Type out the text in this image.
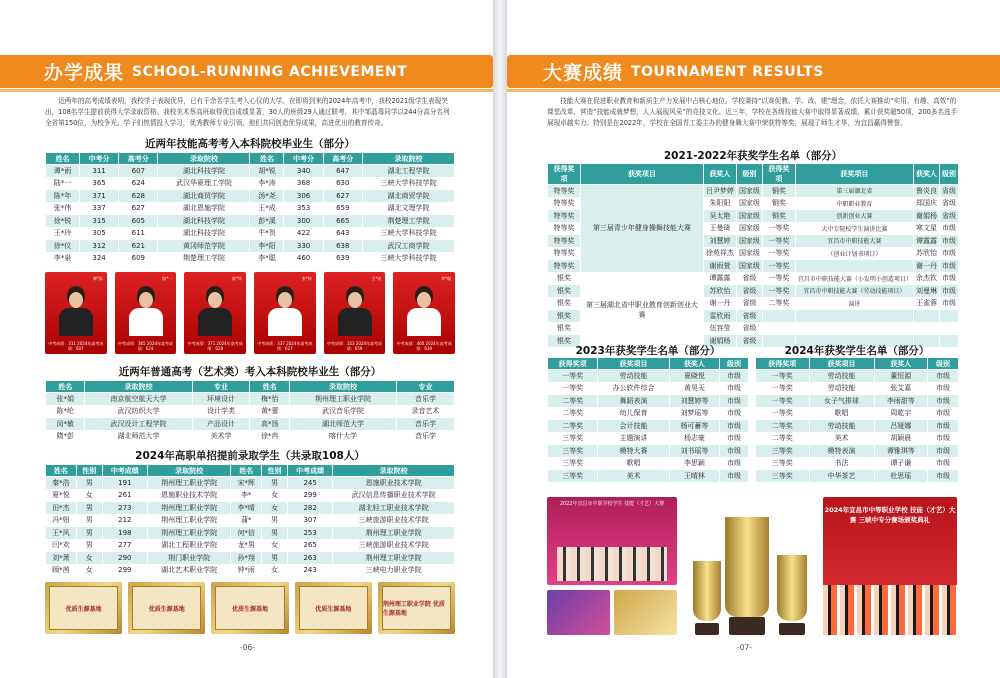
办学成果 SCHOOL-RUNNING ACHIEVEMENT
近两年的高考成绩表明，我校学子表现优异，已有千余名学生考入心仪的大学。在即将到来的2024年高考中，我校2021级学生表现突出，108名学生提前获得大学录取资格。我校美术蔡高班取得优良成绩显著，30人的班级29人通过联考，其中邹晶毒同学以244分高分名列全省第150位，为校争光。学子们热情投入学习，优秀教师专业引领，他们共同创造优异成果，高进优出的教育传奇。
近两年技能高考考入本科院校毕业生（部分）
姓名	中考分	高考分	录取院校	姓名	中考分	高考分	录取院校
谭*雨	311	607	湖北科技学院	胡*锐	340	647	湖北工程学院
陆*一	365	624	武汉华夏理工学院	李*涛	368	630	三峡大学科技学院
陈*年	371	628	湖北商贸学院	汤*尧	306	627	湖北商贸学院
张*伟	337	627	湖北恩施学院	王*成	353	659	湖北文理学院
徐*锐	315	605	湖北科技学院	彭*溪	300	665	荆楚理工学院
王*玲	305	611	湖北科技学院	牛*贺	422	643	三峡大学科技学院
徐*仪	312	621	黄冈师范学院	李*阳	330	638	武汉工商学院
李*泉	324	609	荆楚理工学院	李*聪	460	639	三峡大学科技学院
谭*雨
中考成绩：311 2024年高考成绩：607
陆*一
中考成绩：365 2024年高考成绩：624
陈*年
中考成绩：371 2024年高考成绩：628
张*伟
中考成绩：337 2024年高考成绩：627
王*成
中考成绩：353 2024年高考成绩：659
李*聪
中考成绩：460 2024年高考成绩：639
近两年普通高考（艺术类）考入本科院校毕业生（部分）
姓名	录取院校	专业	姓名	录取院校	专业
张*娟	南京航空航天大学	环境设计	梅*怡	荆州理工职业学院	音乐学
陈*纶	武汉纺织大学	设计学类	黄*蕾	武汉音乐学院	录音艺术
闵*敏	武汉设计工程学院	产品设计	高*扬	湖北师范大学	音乐学
隋*彭	湖北师范大学	美术学	徐*冉	喀什大学	音乐学
2024年高职单招提前录取学生（共录取108人）
姓名	性别	中考成绩	录取院校	姓名	性别	中考成绩	录取院校
秦*浩	男	191	荆州理工职业学院	宋*辉	男	245	恩施职业技术学院
夏*悦	女	261	恩施职业技术学院	李*	女	299	武汉信息传播职业技术学院
田*杰	男	273	荆州理工职业学院	李*晴	女	282	湖北轻工职业技术学院
冯*妞	男	212	荆州理工职业学院	蒲*	男	307	三峡旅游职业技术学院
王*风	男	198	荆州理工职业学院	何*信	男	253	荆州理工职业学院
闫*欢	男	277	湖北工程职业学院	龙*男	女	265	三峡旅游职业技术学院
刘*萧	女	290	荆门职业学院	孙*翔	男	263	荆州理工职业学院
顾*茜	女	299	湖北艺术职业学院	钟*雨	女	243	三峡电力职业学院
优质生源基地	优质生源基地	优质生源基地	优质生源基地
荆州理工职业学院 优质生源基地
-06-
大赛成绩 TOURNAMENT RESULTS
技能大赛在促进职业教育和新质生产力发展中占核心地位。学校秉持“以赛促教、学、改、建”理念，依托大赛推动“实用、有趣、高效”的课堂改革，营造“技能成就梦想，人人展现风采”的竞技文化。近三年，学校在各级技能大赛中取得显著成绩，累计获奖超50项，200多名选手展现卓越实力。特别是在2022年，学校在全国青工委主办的健身舞大赛中荣获特等奖，展现了师生才华，为宜昌赢得赞誉。
2021-2022年获奖学生名单（部分）
获得奖项	获奖项目	获奖人	级别	获得奖项	获奖项目	获奖人	级别
特等奖	第三届青少年健身操舞技能大赛	吕尹梦婷	国家级	铜奖	第三届湖北省	鲁炎良	省级
特等奖		朱阳阳	国家级	铜奖	中职职业教育	郑国庆	省级
特等奖		吴太艳	国家级	铜奖	创新创业大赛	谢娟杨	省级
特等奖		王曼琦	国家级	一等奖	大中专院校学生演讲比赛	寒文星	市级
特等奖		刘慧婷	国家级	一等奖	宜昌市中职技能大赛	谭露露	市级
特等奖		徐苑祥杰	国家级	一等奖	（创业计划书项目）	苏欣怡	市级
特等奖		谢雨萱	国家级	一等奖		谢一丹	市级
银奖	第三届湖北省中职业教育创新创业大赛	谭露露	省级	一等奖	宜昌市中职技能大赛（小发明小创造项目）	余杰钦	市级
银奖		苏欣怡	省级	一等奖	宜昌市中职技能大赛（劳动技能项目）	刘曼琳	市级
银奖		谢一丹	省级	二等奖	演讲	王雀蓉	市级
银奖		雷欣雨	省级				
银奖		伍容莹	省级				
银奖		谢娟杨	省级				
2023年获奖学生名单（部分）
获得奖项	获奖项目	获奖人	级别
一等奖	劳动技能	夏晓悦	市级
一等奖	办公软件综合	黄昊天	市级
二等奖	舞蹈表演	刘慧婷等	市级
二等奖	幼儿保育	刘梦瑶等	市级
二等奖	会计技能	杨可蓄等	市级
三等奖	主题演讲	杨志豪	市级
三等奖	模特大赛	刘书瑶等	市级
三等奖	歌唱	李思颖	市级
三等奖	美术	王晴林	市级
2024年获奖学生名单（部分）
获得奖项	获奖项目	获奖人	级别
一等奖	劳动技能	董恒源	市级
一等奖	劳动技能	张艾嘉	市级
一等奖	女子气排球	李雨甜等	市级
一等奖	歌唱	周乾宇	市级
二等奖	劳动技能	吕娅娜	市级
二等奖	美术	胡颖晨	市级
三等奖	模特表演	谭雅琪等	市级
三等奖	书法	谭子谦	市级
三等奖	中华茶艺	杜思瑶	市级
2022年宜昌市中职学校学生 技能（才艺）大赛
2024年宜昌市中等职业学校 技能（才艺）大赛 三峡中专分赛场颁奖典礼
-07-
